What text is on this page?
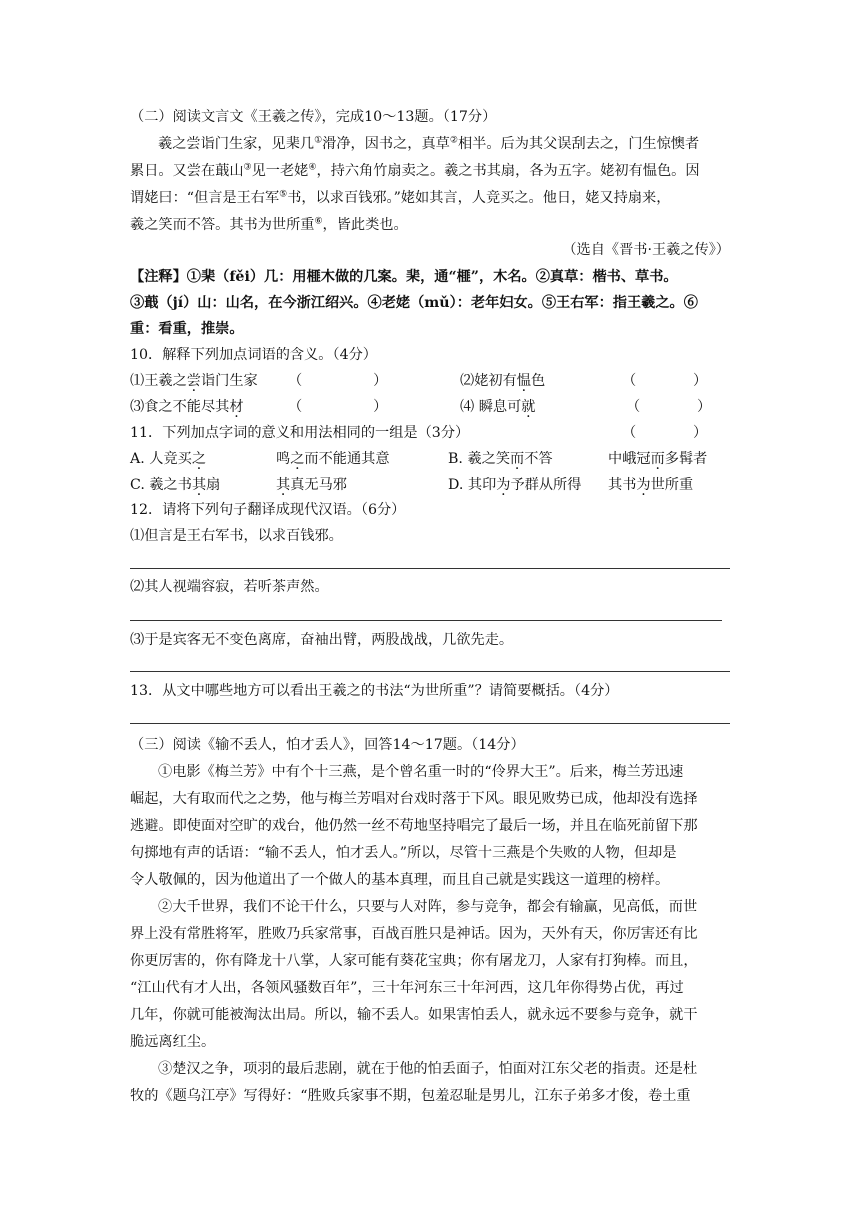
（二）阅读文言文《王羲之传》，完成10～13题。（17分）
羲之尝诣门生家，见棐几①滑净，因书之，真草②相半。后为其父误刮去之，门生惊懊者
累日。又尝在蕺山③见一老姥④，持六角竹扇卖之。羲之书其扇，各为五字。姥初有愠色。因
谓姥曰：“但言是王右军⑤书，以求百钱邪。”姥如其言，人竞买之。他日，姥又持扇来，
羲之笑而不答。其书为世所重⑥，皆此类也。
（选自《晋书·王羲之传》）
【注释】①棐（fěi）几：用榧木做的几案。棐，通“榧”，木名。②真草：楷书、草书。
③蕺（jí）山：山名，在今浙江绍兴。④老姥（mǔ）：老年妇女。⑤王右军：指王羲之。⑥
重：看重，推崇。
10．解释下列加点词语的含义。（4分）
⑴王羲之尝诣门生家 （　　　　　）	⑵姥初有愠色	（　　　　）
⑶食之不能尽其材	（　　　　　）	⑷ 瞬息可就	（　　　　）
11．下列加点字词的意义和用法相同的一组是（3分）	（　　　　）
A. 人竞买之	鸣之而不能通其意	B. 羲之笑而不答	中峨冠而多髯者
C. 羲之书其扇	其真无马邪	D. 其印为予群从所得 其书为世所重
12．请将下列句子翻译成现代汉语。（6分）
⑴但言是王右军书，以求百钱邪。
⑵其人视端容寂，若听茶声然。
⑶于是宾客无不变色离席，奋袖出臂，两股战战，几欲先走。
13．从文中哪些地方可以看出王羲之的书法“为世所重”？请简要概括。（4分）
（三）阅读《输不丢人，怕才丢人》，回答14～17题。（14分）
①电影《梅兰芳》中有个十三燕，是个曾名重一时的“伶界大王”。后来，梅兰芳迅速
崛起，大有取而代之之势，他与梅兰芳唱对台戏时落于下风。眼见败势已成，他却没有选择
逃避。即使面对空旷的戏台，他仍然一丝不苟地坚持唱完了最后一场，并且在临死前留下那
句掷地有声的话语：“输不丢人，怕才丢人。”所以，尽管十三燕是个失败的人物，但却是
令人敬佩的，因为他道出了一个做人的基本真理，而且自己就是实践这一道理的榜样。
②大千世界，我们不论干什么，只要与人对阵，参与竞争，都会有输赢，见高低，而世
界上没有常胜将军，胜败乃兵家常事，百战百胜只是神话。因为，天外有天，你厉害还有比
你更厉害的，你有降龙十八掌，人家可能有葵花宝典；你有屠龙刀，人家有打狗棒。而且，
“江山代有才人出，各领风骚数百年”，三十年河东三十年河西，这几年你得势占优，再过
几年，你就可能被淘汰出局。所以，输不丢人。如果害怕丢人，就永远不要参与竞争，就干
脆远离红尘。
③楚汉之争，项羽的最后悲剧，就在于他的怕丢面子，怕面对江东父老的指责。还是杜
牧的《题乌江亭》写得好：“胜败兵家事不期，包羞忍耻是男儿，江东子弟多才俊，卷土重
